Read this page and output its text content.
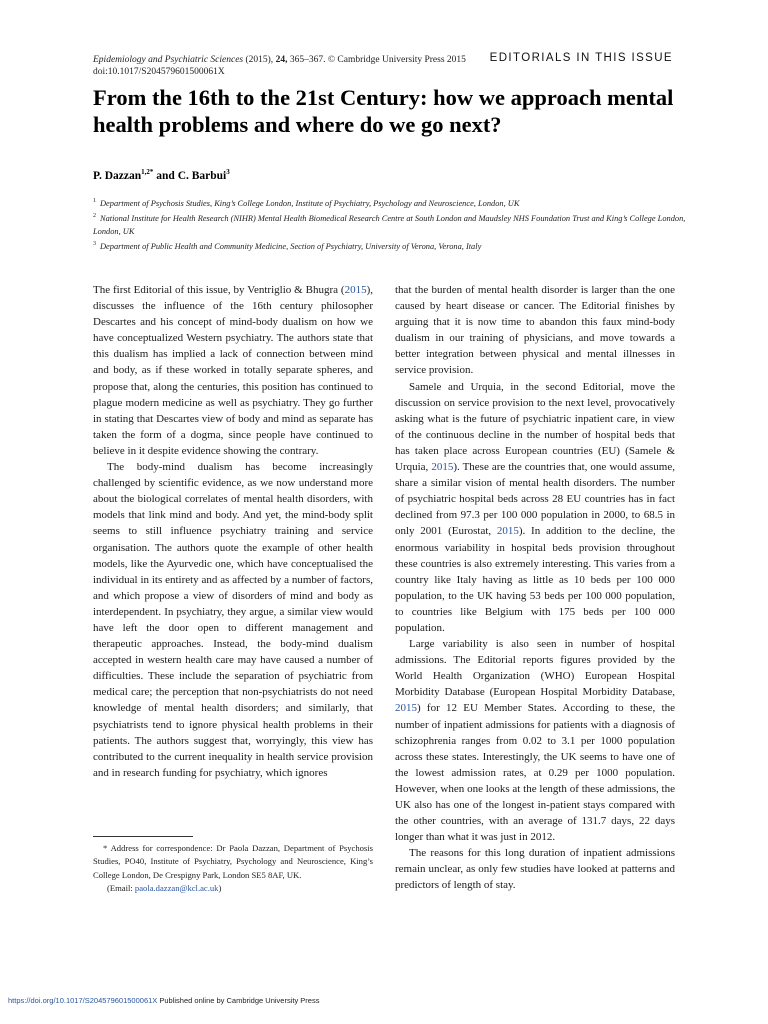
Epidemiology and Psychiatric Sciences (2015), 24, 365–367. © Cambridge University Press 2015
doi:10.1017/S204579601500061X
EDITORIALS IN THIS ISSUE
From the 16th to the 21st Century: how we approach mental health problems and where do we go next?
P. Dazzan$^{1,2*}$ and C. Barbui$^3$
$^1$ Department of Psychosis Studies, King’s College London, Institute of Psychiatry, Psychology and Neuroscience, London, UK
$^2$ National Institute for Health Research (NIHR) Mental Health Biomedical Research Centre at South London and Maudsley NHS Foundation Trust and King’s College London, London, UK
$^3$ Department of Public Health and Community Medicine, Section of Psychiatry, University of Verona, Verona, Italy

The first Editorial of this issue, by Ventriglio & Bhugra (2015), discusses the influence of the 16th century philosopher Descartes and his concept of mind-body dualism on how we have conceptualized Western psychiatry. The authors state that this dualism has implied a lack of connection between mind and body, as if these worked in totally separate spheres, and propose that, along the centuries, this position has continued to plague modern medicine as well as psychiatry. They go further in stating that Descartes view of body and mind as separate has taken the form of a dogma, since people have continued to believe in it despite evidence showing the contrary.

The body-mind dualism has become increasingly challenged by scientific evidence, as we now understand more about the biological correlates of mental health disorders, with models that link mind and body. And yet, the mind-body split seems to still influence psychiatry training and service organisation. The authors quote the example of other health models, like the Ayurvedic one, which have conceptualised the individual in its entirety and as affected by a number of factors, and which propose a view of disorders of mind and body as interdependent. In psychiatry, they argue, a similar view would have left the door open to different management and therapeutic approaches. Instead, the body-mind dualism accepted in western health care may have caused a number of difficulties. These include the separation of psychiatric from medical care; the perception that non-psychiatrists do not need knowledge of mental health disorders; and similarly, that psychiatrists tend to ignore physical health problems in their patients. The authors suggest that, worryingly, this view has contributed to the current inequality in health service provision and in research funding for psychiatry, which ignores

that the burden of mental health disorder is larger than the one caused by heart disease or cancer. The Editorial finishes by arguing that it is now time to abandon this faux mind-body dualism in our training of physicians, and move towards a better integration between physical and mental illnesses in service provision.

Samele and Urquia, in the second Editorial, move the discussion on service provision to the next level, provocatively asking what is the future of psychiatric inpatient care, in view of the continuous decline in the number of hospital beds that has taken place across European countries (EU) (Samele & Urquia, 2015). These are the countries that, one would assume, share a similar vision of mental health disorders. The number of psychiatric hospital beds across 28 EU countries has in fact declined from 97.3 per 100 000 population in 2000, to 68.5 in only 2001 (Eurostat, 2015). In addition to the decline, the enormous variability in hospital beds provision throughout these countries is also extremely interesting. This varies from a country like Italy having as little as 10 beds per 100 000 population, to the UK having 53 beds per 100 000 population, to countries like Belgium with 175 beds per 100 000 population.

Large variability is also seen in number of hospital admissions. The Editorial reports figures provided by the World Health Organization (WHO) European Hospital Morbidity Database (European Hospital Morbidity Database, 2015) for 12 EU Member States. According to these, the number of inpatient admissions for patients with a diagnosis of schizophrenia ranges from 0.02 to 3.1 per 1000 population across these states. Interestingly, the UK seems to have one of the lowest admission rates, at 0.29 per 1000 population. However, when one looks at the length of these admissions, the UK also has one of the longest in-patient stays compared with the other countries, with an average of 131.7 days, 22 days longer than what it was just in 2012.

The reasons for this long duration of inpatient admissions remain unclear, as only few studies have looked at patterns and predictors of length of stay.

* Address for correspondence: Dr Paola Dazzan, Department of Psychosis Studies, PO40, Institute of Psychiatry, Psychology and Neuroscience, King’s College London, De Crespigny Park, London SE5 8AF, UK.

(Email: paola.dazzan@kcl.ac.uk)
https://doi.org/10.1017/S204579601500061X Published online by Cambridge University Press
